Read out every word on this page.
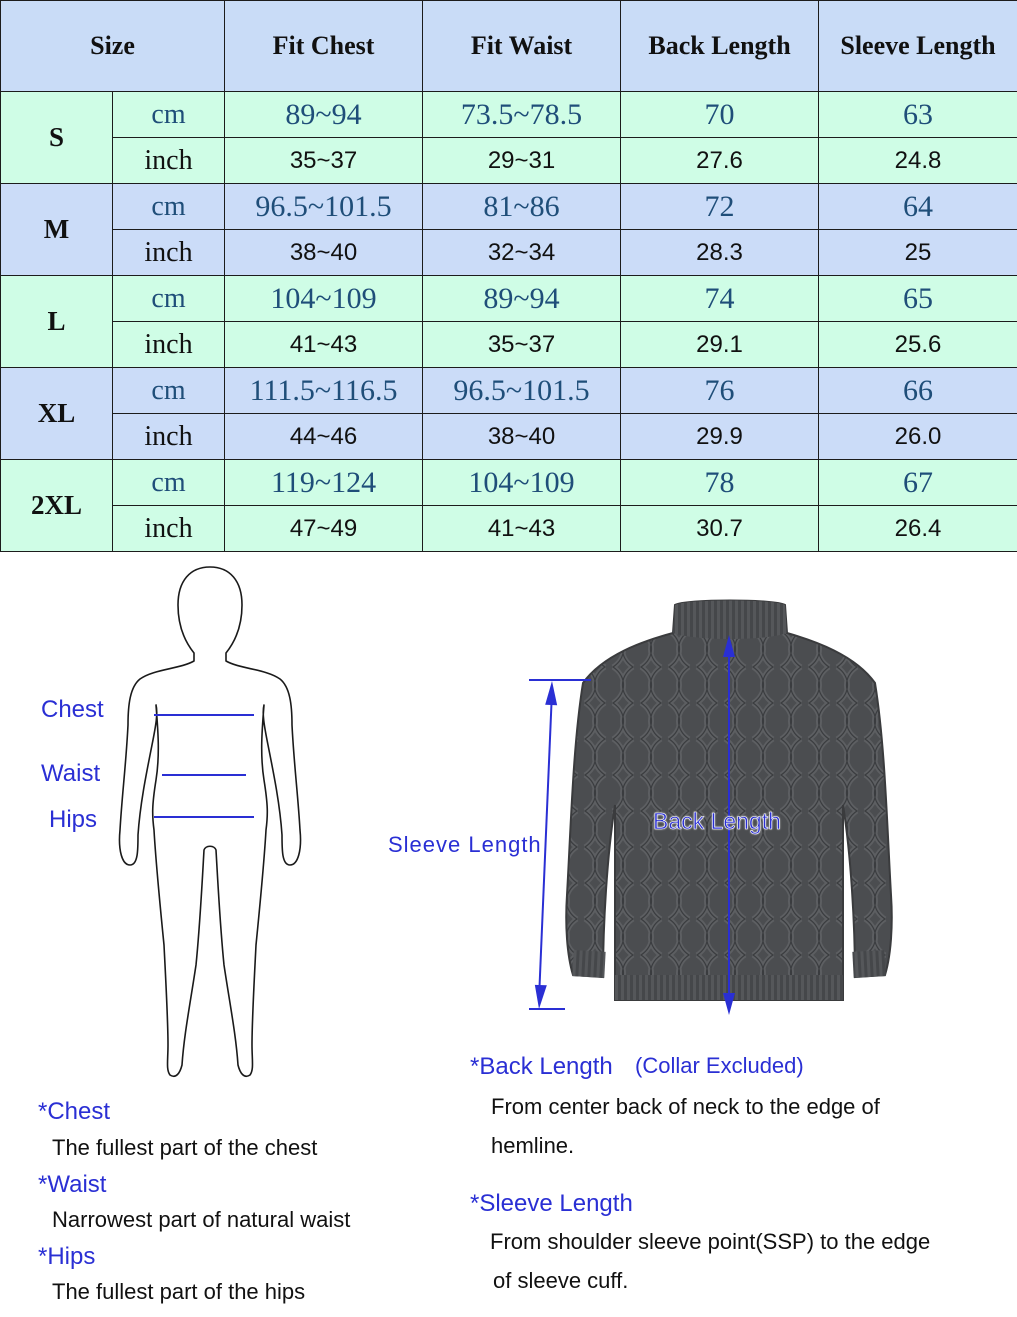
Size		Fit Chest	Fit Waist	Back Length	Sleeve Length
S	cm	89~94	73.5~78.5	70	63
	inch	35~37	29~31	27.6	24.8
M	cm	96.5~101.5	81~86	72	64
	inch	38~40	32~34	28.3	25
L	cm	104~109	89~94	74	65
	inch	41~43	35~37	29.1	25.6
XL	cm	111.5~116.5	96.5~101.5	76	66
	inch	44~46	38~40	29.9	26.0
2XL	cm	119~124	104~109	78	67
	inch	47~49	41~43	30.7	26.4
Chest
Waist
Hips
Sleeve Length
Back Length
*Chest
The fullest part of the chest
*Waist
Narrowest part of natural waist
*Hips
The fullest part of the hips
*Back Length (Collar Excluded)
From center back of neck to the edge of
hemline.
*Sleeve Length
From shoulder sleeve point(SSP) to the edge
of sleeve cuff.
